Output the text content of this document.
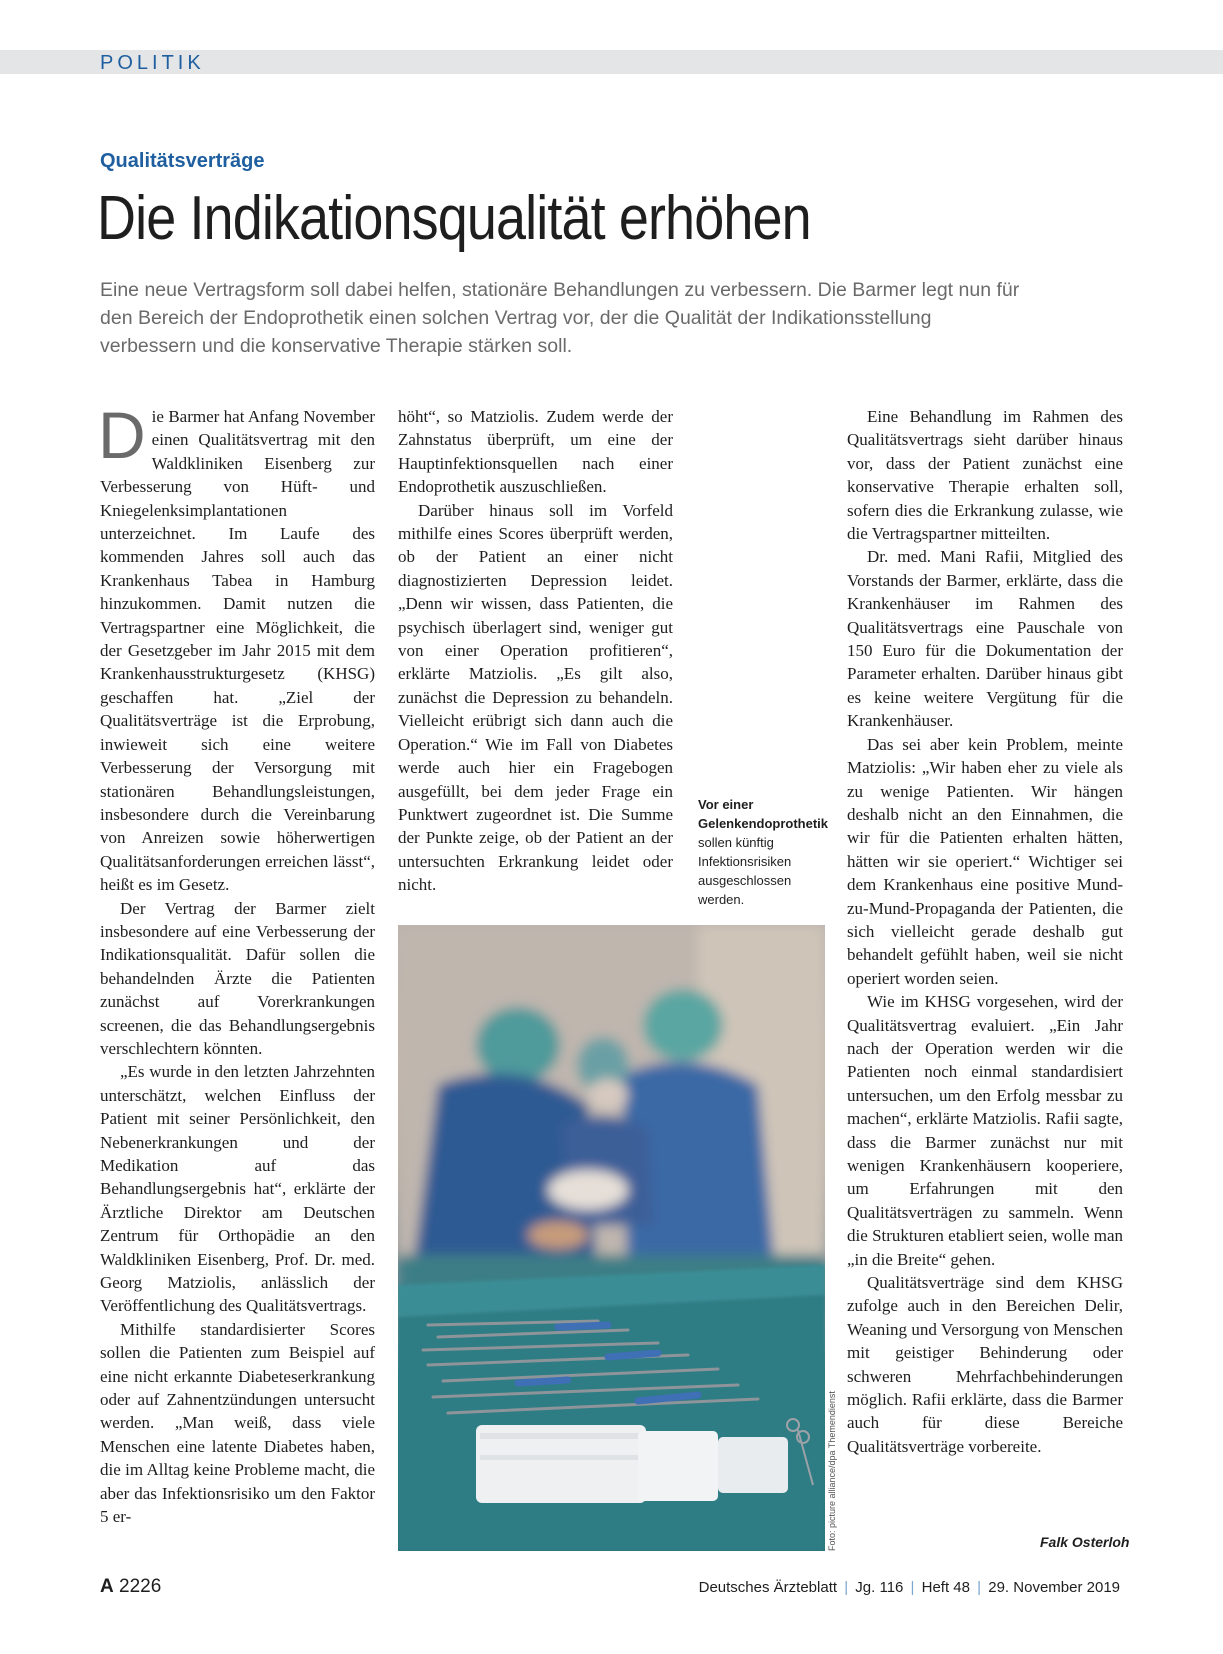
POLITIK
Qualitätsverträge
Die Indikationsqualität erhöhen
Eine neue Vertragsform soll dabei helfen, stationäre Behandlungen zu verbessern. Die Barmer legt nun für den Bereich der Endoprothetik einen solchen Vertrag vor, der die Qualität der Indikationsstellung verbessern und die konservative Therapie stärken soll.

Die Barmer hat Anfang November einen Qualitätsvertrag mit den Waldkliniken Eisenberg zur Verbesserung von Hüft- und Kniegelenksimplantationen unterzeichnet. Im Laufe des kommenden Jahres soll auch das Krankenhaus Tabea in Hamburg hinzukommen. Damit nutzen die Vertragspartner eine Möglichkeit, die der Gesetzgeber im Jahr 2015 mit dem Krankenhausstrukturgesetz (KHSG) geschaffen hat. „Ziel der Qualitätsverträge ist die Erprobung, inwieweit sich eine weitere Verbesserung der Versorgung mit stationären Behandlungsleistungen, insbesondere durch die Vereinbarung von Anreizen sowie höherwertigen Qualitätsanforderungen erreichen lässt“, heißt es im Gesetz.

Der Vertrag der Barmer zielt insbesondere auf eine Verbesserung der Indikationsqualität. Dafür sollen die behandelnden Ärzte die Patienten zunächst auf Vorerkrankungen screenen, die das Behandlungsergebnis verschlechtern könnten.

„Es wurde in den letzten Jahrzehnten unterschätzt, welchen Einfluss der Patient mit seiner Persönlichkeit, den Nebenerkrankungen und der Medikation auf das Behandlungsergebnis hat“, erklärte der Ärztliche Direktor am Deutschen Zentrum für Orthopädie an den Waldkliniken Eisenberg, Prof. Dr. med. Georg Matziolis, anlässlich der Veröffentlichung des Qualitätsvertrags.

Mithilfe standardisierter Scores sollen die Patienten zum Beispiel auf eine nicht erkannte Diabeteserkrankung oder auf Zahnentzündungen untersucht werden. „Man weiß, dass viele Menschen eine latente Diabetes haben, die im Alltag keine Probleme macht, die aber das Infektionsrisiko um den Faktor 5 er-

höht“, so Matziolis. Zudem werde der Zahnstatus überprüft, um eine der Hauptinfektionsquellen nach einer Endoprothetik auszuschließen.

Darüber hinaus soll im Vorfeld mithilfe eines Scores überprüft werden, ob der Patient an einer nicht diagnostizierten Depression leidet. „Denn wir wissen, dass Patienten, die psychisch überlagert sind, weniger gut von einer Operation profitieren“, erklärte Matziolis. „Es gilt also, zunächst die Depression zu behandeln. Vielleicht erübrigt sich dann auch die Operation.“ Wie im Fall von Diabetes werde auch hier ein Fragebogen ausgefüllt, bei dem jeder Frage ein Punktwert zugeordnet ist. Die Summe der Punkte zeige, ob der Patient an der untersuchten Erkrankung leidet oder nicht.

Vor einer Gelenkendoprothetik
sollen künftig Infektionsrisiken ausgeschlossen werden.
Foto: picture alliance/dpa Themendienst

Eine Behandlung im Rahmen des Qualitätsvertrags sieht darüber hinaus vor, dass der Patient zunächst eine konservative Therapie erhalten soll, sofern dies die Erkrankung zulasse, wie die Vertragspartner mitteilten.

Dr. med. Mani Rafii, Mitglied des Vorstands der Barmer, erklärte, dass die Krankenhäuser im Rahmen des Qualitätsvertrags eine Pauschale von 150 Euro für die Dokumentation der Parameter erhalten. Darüber hinaus gibt es keine weitere Vergütung für die Krankenhäuser.

Das sei aber kein Problem, meinte Matziolis: „Wir haben eher zu viele als zu wenige Patienten. Wir hängen deshalb nicht an den Einnahmen, die wir für die Patienten erhalten hätten, hätten wir sie operiert.“ Wichtiger sei dem Krankenhaus eine positive Mund-zu-Mund-Propaganda der Patienten, die sich vielleicht gerade deshalb gut behandelt gefühlt haben, weil sie nicht operiert worden seien.

Wie im KHSG vorgesehen, wird der Qualitätsvertrag evaluiert. „Ein Jahr nach der Operation werden wir die Patienten noch einmal standardisiert untersuchen, um den Erfolg messbar zu machen“, erklärte Matziolis. Rafii sagte, dass die Barmer zunächst nur mit wenigen Krankenhäusern kooperiere, um Erfahrungen mit den Qualitätsverträgen zu sammeln. Wenn die Strukturen etabliert seien, wolle man „in die Breite“ gehen.

Qualitätsverträge sind dem KHSG zufolge auch in den Bereichen Delir, Weaning und Versorgung von Menschen mit geistiger Behinderung oder schweren Mehrfachbehinderungen möglich. Rafii erklärte, dass die Barmer auch für diese Bereiche Qualitätsverträge vorbereite.

Falk Osterloh
A 2226	Deutsches Ärzteblatt | Jg. 116 | Heft 48 | 29. November 2019
